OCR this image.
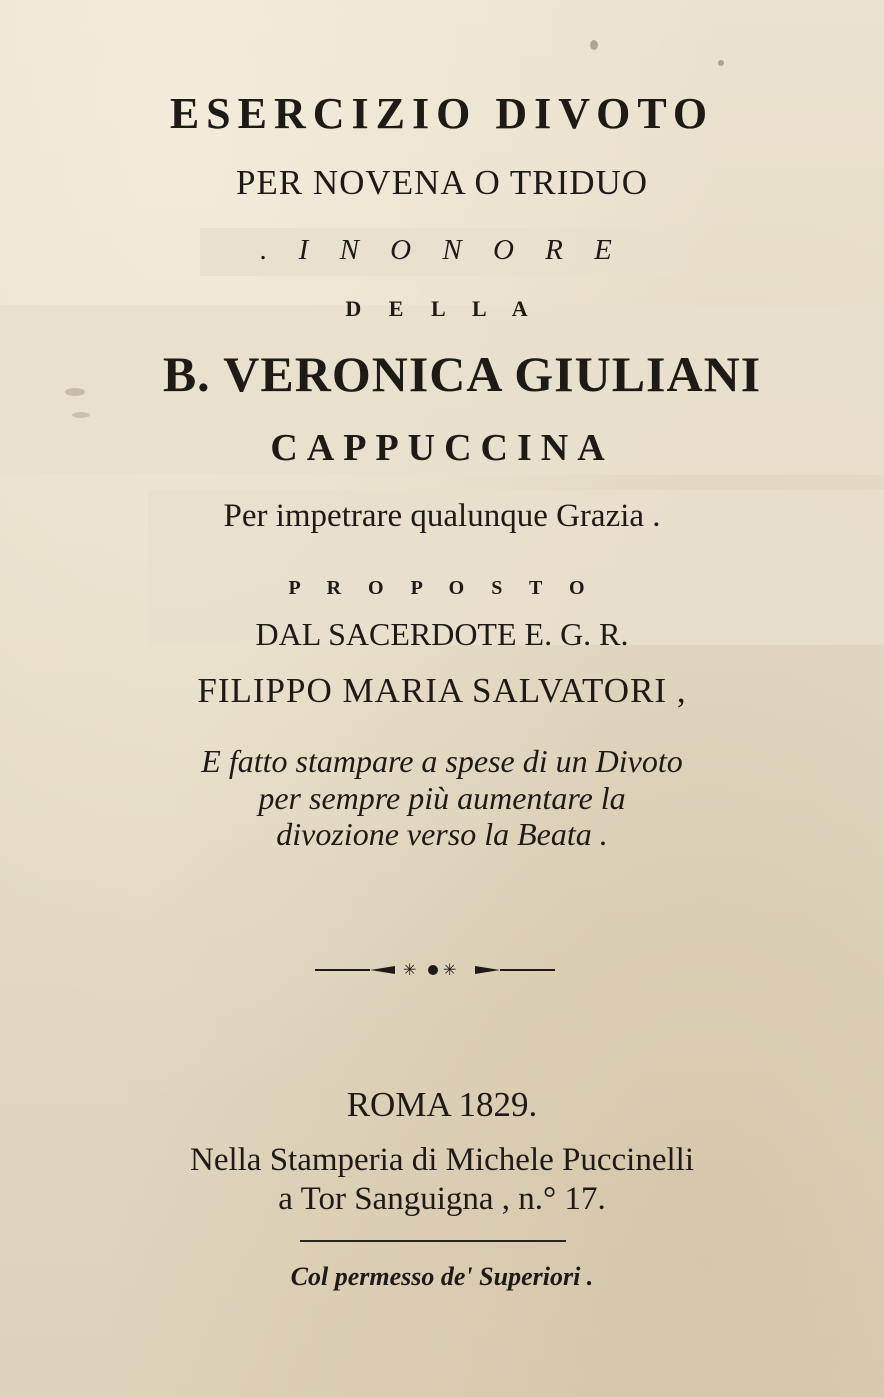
ESERCIZIO DIVOTO
PER NOVENA O TRIDUO
. I N O N O R E
D E L L A
B. VERONICA GIULIANI
CAPPUCCINA
Per impetrare qualunque Grazia .
P R O P O S T O
DAL SACERDOTE E. G. R.
FILIPPO MARIA SALVATORI ,
E fatto stampare a spese di un Divoto
per sempre più aumentare la
divozione verso la Beata .
✳ ✳
ROMA 1829.
Nella Stamperia di Michele Puccinelli
a Tor Sanguigna , n.° 17.
Col permesso de' Superiori .
